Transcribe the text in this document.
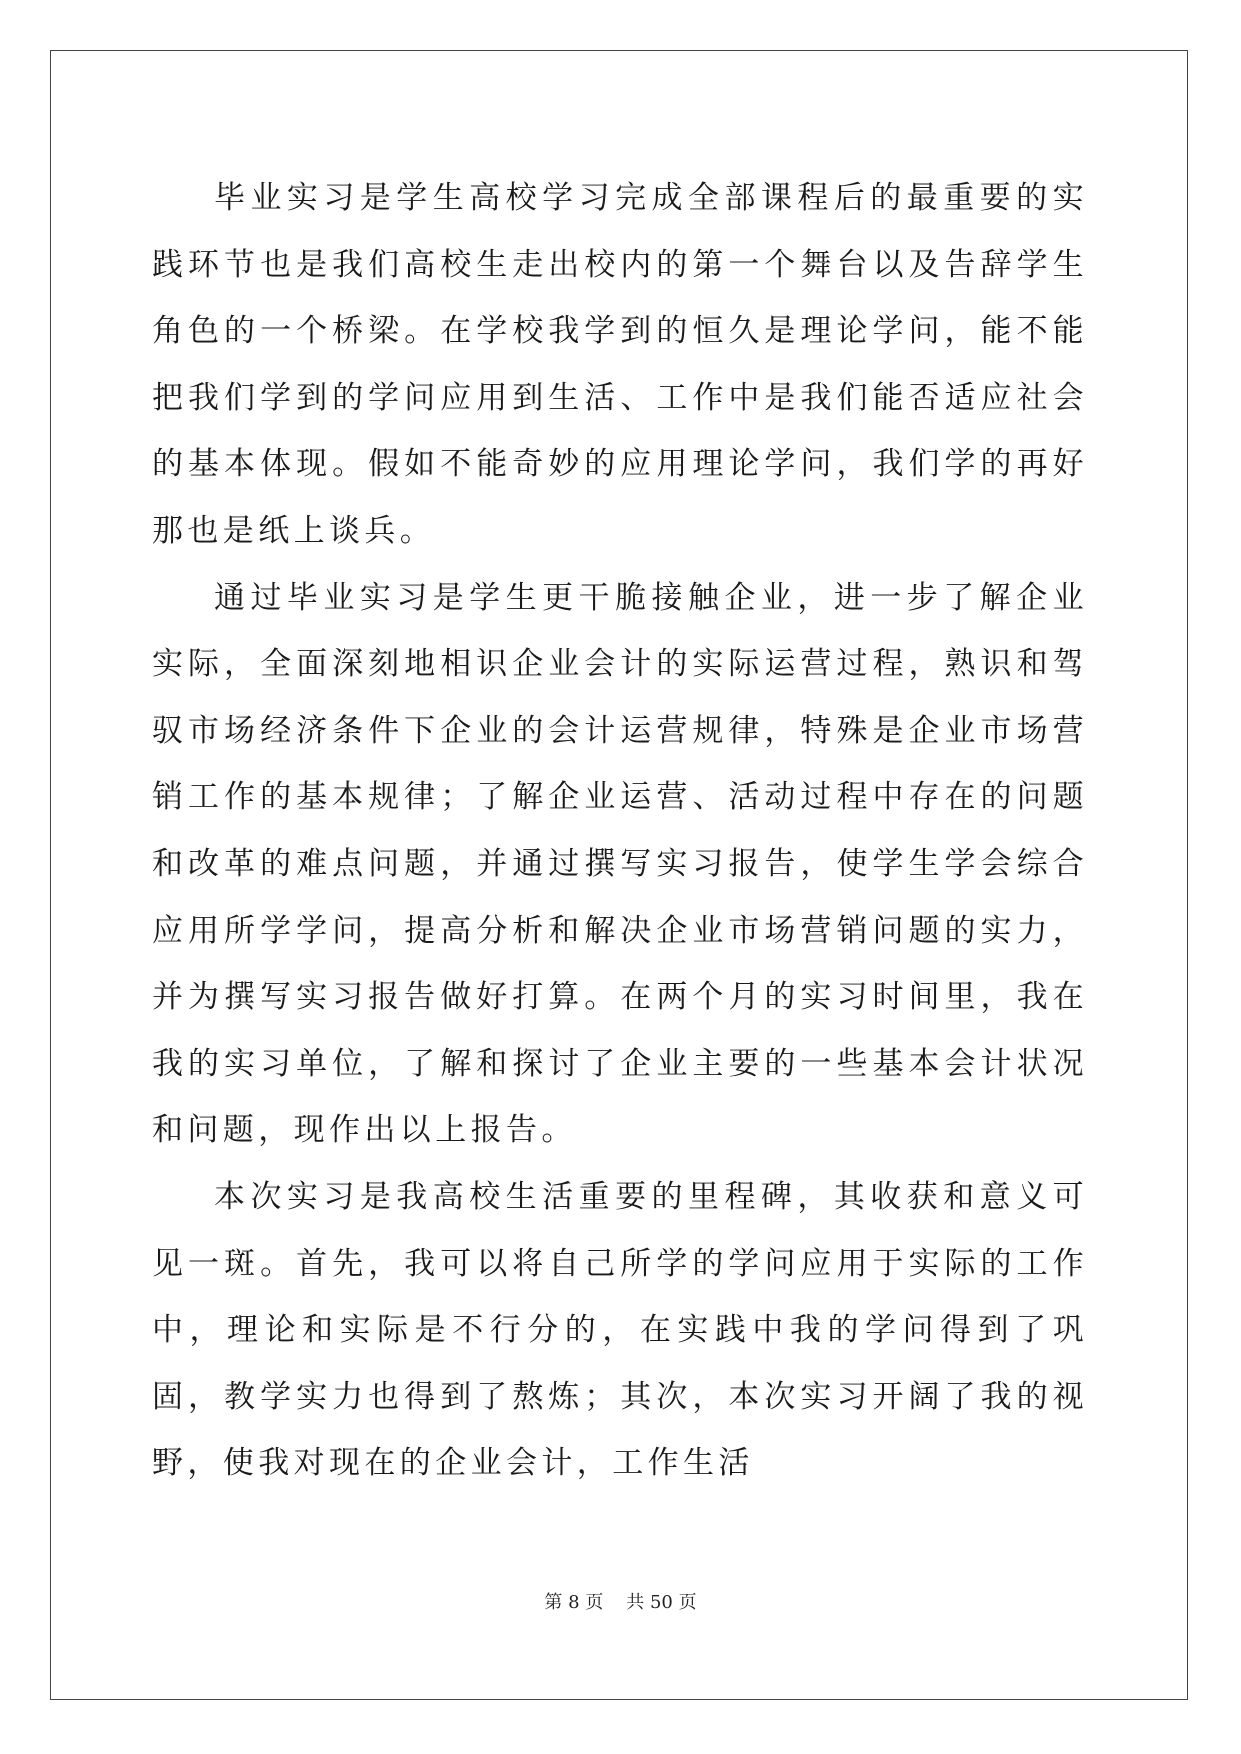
毕业实习是学生高校学习完成全部课程后的最重要的实践环节也是我们高校生走出校内的第一个舞台以及告辞学生角色的一个桥梁。在学校我学到的恒久是理论学问，能不能把我们学到的学问应用到生活、工作中是我们能否适应社会的基本体现。假如不能奇妙的应用理论学问，我们学的再好那也是纸上谈兵。

通过毕业实习是学生更干脆接触企业，进一步了解企业实际，全面深刻地相识企业会计的实际运营过程，熟识和驾驭市场经济条件下企业的会计运营规律，特殊是企业市场营销工作的基本规律；了解企业运营、活动过程中存在的问题和改革的难点问题，并通过撰写实习报告，使学生学会综合应用所学学问，提高分析和解决企业市场营销问题的实力，并为撰写实习报告做好打算。在两个月的实习时间里，我在我的实习单位，了解和探讨了企业主要的一些基本会计状况和问题，现作出以上报告。

本次实习是我高校生活重要的里程碑，其收获和意义可见一斑。首先，我可以将自己所学的学问应用于实际的工作中，理论和实际是不行分的，在实践中我的学问得到了巩固，教学实力也得到了熬炼；其次，本次实习开阔了我的视野，使我对现在的企业会计，工作生活

第 8 页 共 50 页
